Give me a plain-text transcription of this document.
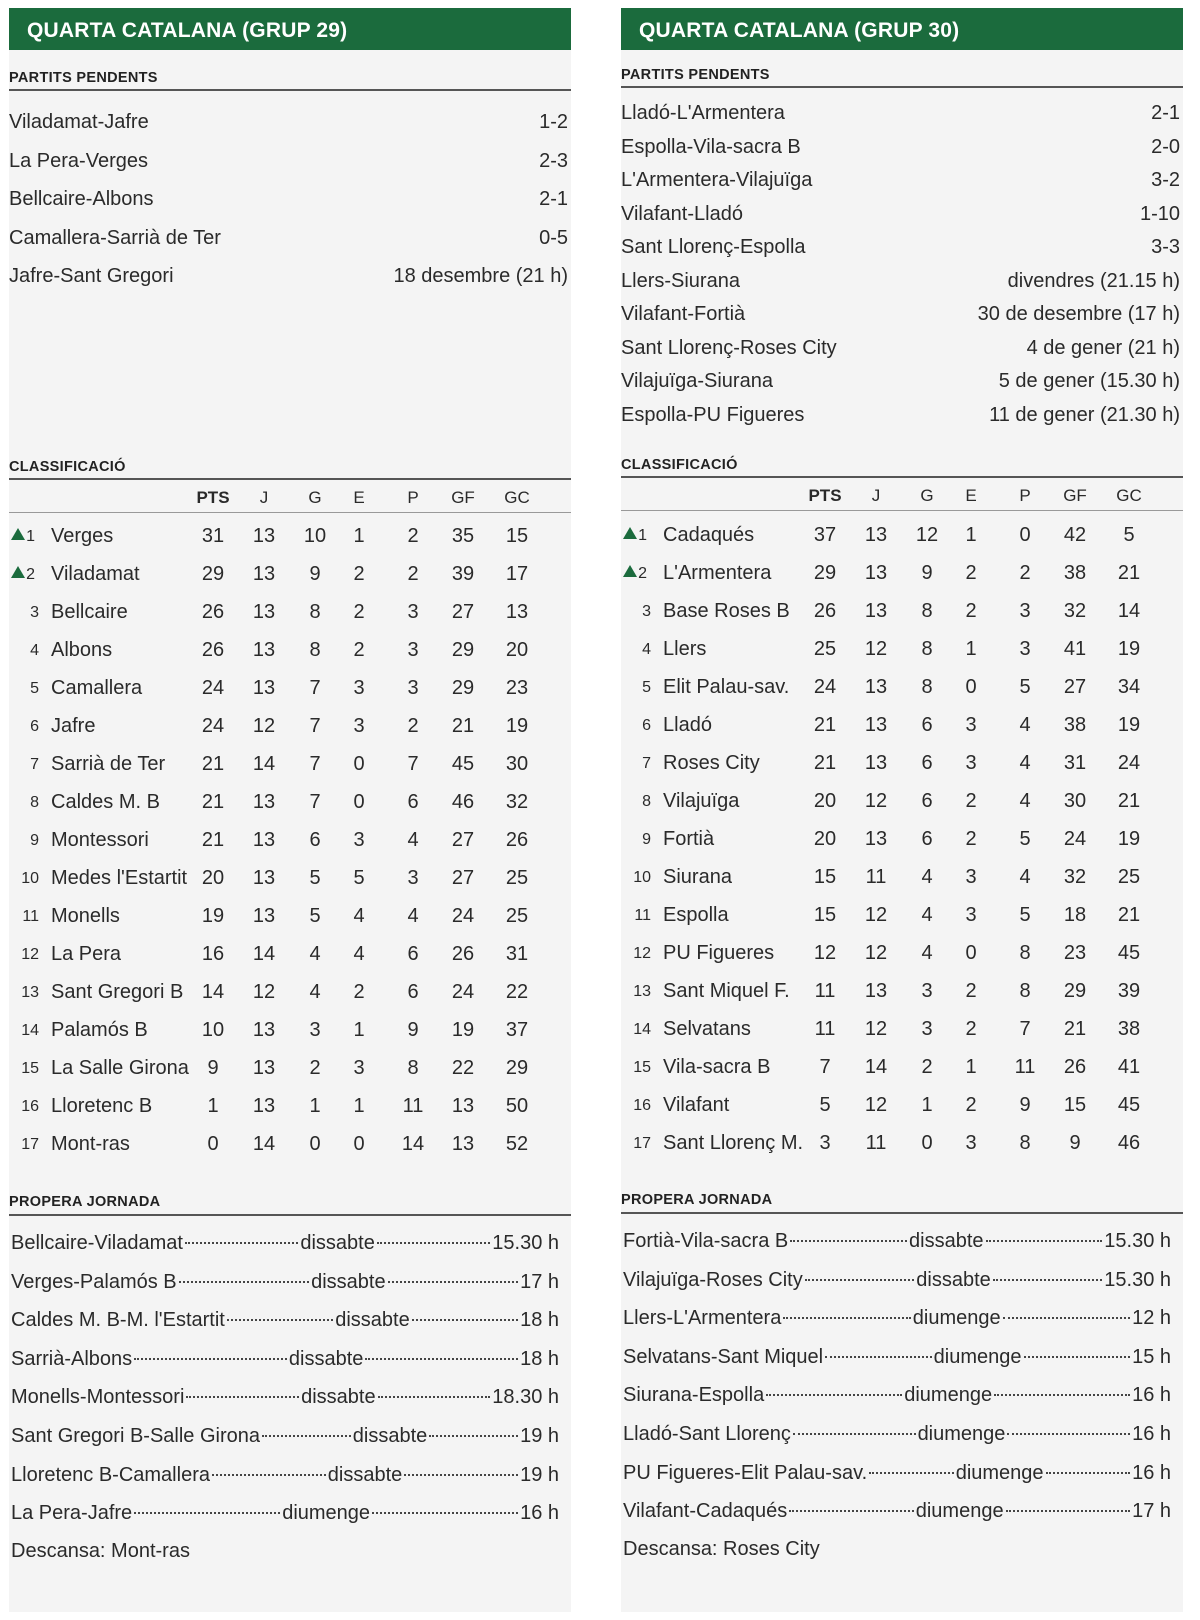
QUARTA CATALANA (GRUP 29)
PARTITS PENDENTS
Viladamat-Jafre	1-2
La Pera-Verges	2-3
Bellcaire-Albons	2-1
Camallera-Sarrià de Ter	0-5
Jafre-Sant Gregori	18 desembre (21 h)
CLASSIFICACIÓ
PTS	J	G	E	P	GF	GC
1 Verges	31	13	10	1	2	35	15
2 Viladamat	29	13	9	2	2	39	17
3 Bellcaire	26	13	8	2	3	27	13
4 Albons	26	13	8	2	3	29	20
5 Camallera	24	13	7	3	3	29	23
6 Jafre	24	12	7	3	2	21	19
7 Sarrià de Ter	21	14	7	0	7	45	30
8 Caldes M. B	21	13	7	0	6	46	32
9 Montessori	21	13	6	3	4	27	26
10 Medes l'Estartit 20	13	5	5	3	27	25
11 Monells	19	13	5	4	4	24	25
12 La Pera	16	14	4	4	6	26	31
13 Sant Gregori B 14	12	4	2	6	24	22
14 Palamós B	10	13	3	1	9	19	37
15 La Salle Girona 9	13	2	3	8	22	29
16 Lloretenc B	1	13	1	1	11	13	50
17 Mont-ras	0	14	0	0	14	13	52
PROPERA JORNADA
Bellcaire-Viladamat	dissabte	15.30 h
Verges-Palamós B	dissabte	17 h
Caldes M. B-M. l'Estartit	dissabte	18 h
Sarrià-Albons	dissabte	18 h
Monells-Montessori	dissabte	18.30 h
Sant Gregori B-Salle Girona	dissabte	19 h
Lloretenc B-Camallera	dissabte	19 h
La Pera-Jafre	diumenge	16 h
Descansa: Mont-ras
QUARTA CATALANA (GRUP 30)
PARTITS PENDENTS
Lladó-L'Armentera	2-1
Espolla-Vila-sacra B	2-0
L'Armentera-Vilajuïga	3-2
Vilafant-Lladó	1-10
Sant Llorenç-Espolla	3-3
Llers-Siurana	divendres (21.15 h)
Vilafant-Fortià	30 de desembre (17 h)
Sant Llorenç-Roses City	4 de gener (21 h)
Vilajuïga-Siurana	5 de gener (15.30 h)
Espolla-PU Figueres	11 de gener (21.30 h)
CLASSIFICACIÓ
PTS	J	G	E	P	GF	GC
1 Cadaqués	37	13	12	1	0	42	5
2 L'Armentera	29	13	9	2	2	38	21
3 Base Roses B	26	13	8	2	3	32	14
4 Llers	25	12	8	1	3	41	19
5 Elit Palau-sav.	24	13	8	0	5	27	34
6 Lladó	21	13	6	3	4	38	19
7 Roses City	21	13	6	3	4	31	24
8 Vilajuïga	20	12	6	2	4	30	21
9 Fortià	20	13	6	2	5	24	19
10 Siurana	15	11	4	3	4	32	25
11 Espolla	15	12	4	3	5	18	21
12 PU Figueres	12	12	4	0	8	23	45
13 Sant Miquel F.	11	13	3	2	8	29	39
14 Selvatans	11	12	3	2	7	21	38
15 Vila-sacra B	7	14	2	1	11	26	41
16 Vilafant	5	12	1	2	9	15	45
17 Sant Llorenç M. 3	11	0	3	8	9	46
PROPERA JORNADA
Fortià-Vila-sacra B	dissabte	15.30 h
Vilajuïga-Roses City	dissabte	15.30 h
Llers-L'Armentera	diumenge	12 h
Selvatans-Sant Miquel	diumenge	15 h
Siurana-Espolla	diumenge	16 h
Lladó-Sant Llorenç	diumenge	16 h
PU Figueres-Elit Palau-sav.	diumenge	16 h
Vilafant-Cadaqués	diumenge	17 h
Descansa: Roses City
